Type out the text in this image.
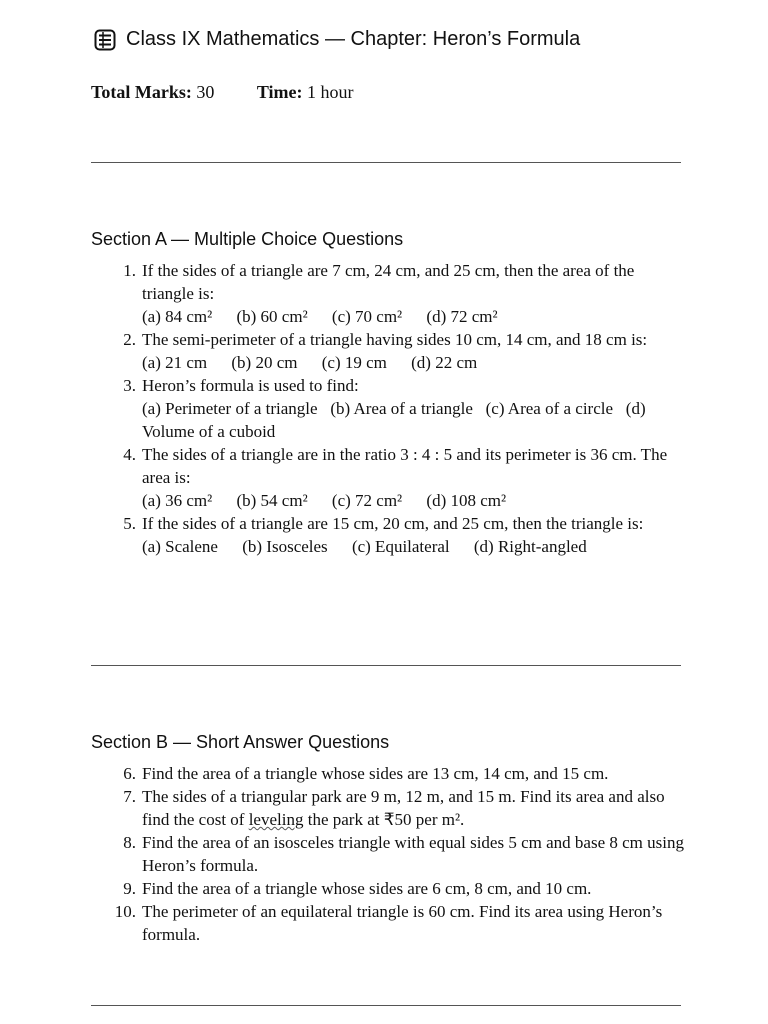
Class IX Mathematics — Chapter: Heron’s Formula
Total Marks: 30 Time: 1 hour
Section A — Multiple Choice Questions
1. If the sides of a triangle are 7 cm, 24 cm, and 25 cm, then the area of the triangle is:
(a) 84 cm² (b) 60 cm² (c) 70 cm² (d) 72 cm²
2. The semi-perimeter of a triangle having sides 10 cm, 14 cm, and 18 cm is:
(a) 21 cm (b) 20 cm (c) 19 cm (d) 22 cm
3. Heron’s formula is used to find:
(a) Perimeter of a triangle   (b) Area of a triangle   (c) Area of a circle   (d) Volume of a cuboid
4. The sides of a triangle are in the ratio 3 : 4 : 5 and its perimeter is 36 cm. The area is:
(a) 36 cm² (b) 54 cm² (c) 72 cm² (d) 108 cm²
5. If the sides of a triangle are 15 cm, 20 cm, and 25 cm, then the triangle is:
(a) Scalene (b) Isosceles (c) Equilateral (d) Right-angled
Section B — Short Answer Questions
6. Find the area of a triangle whose sides are 13 cm, 14 cm, and 15 cm.
7. The sides of a triangular park are 9 m, 12 m, and 15 m. Find its area and also find the cost of leveling the park at ₹50 per m².
8. Find the area of an isosceles triangle with equal sides 5 cm and base 8 cm using Heron’s formula.
9. Find the area of a triangle whose sides are 6 cm, 8 cm, and 10 cm.
10. The perimeter of an equilateral triangle is 60 cm. Find its area using Heron’s formula.
